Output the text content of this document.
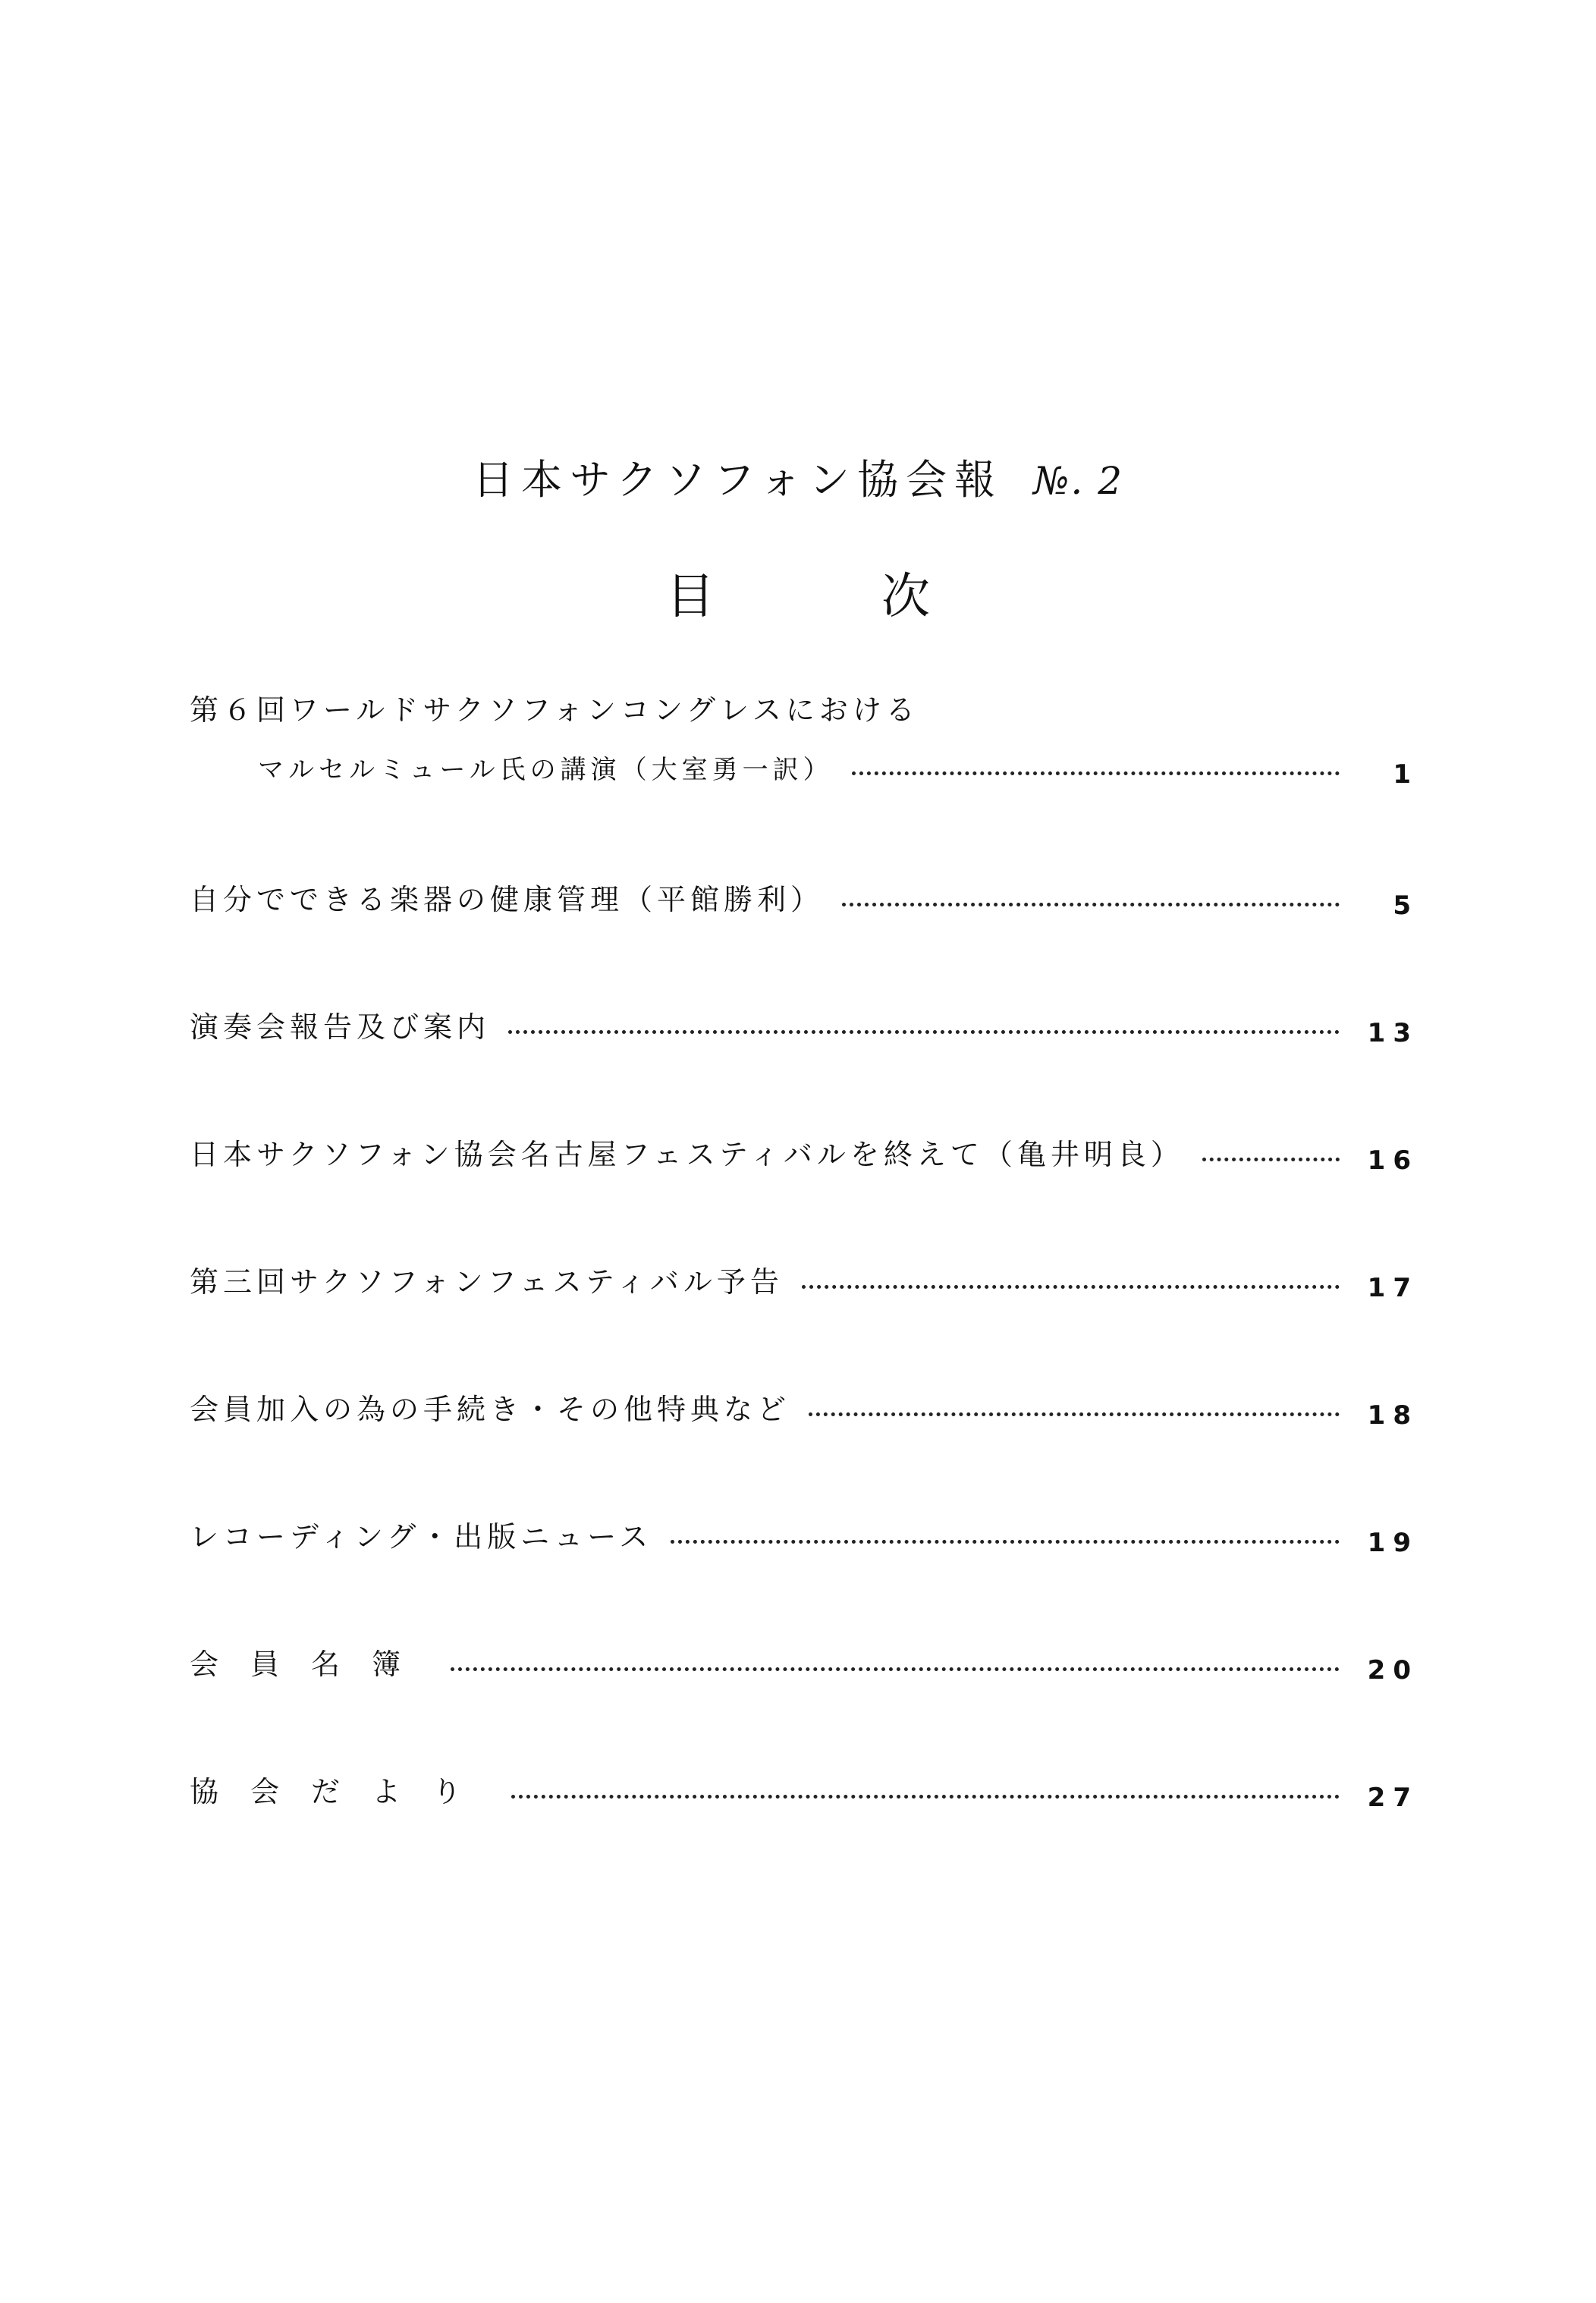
日本サクソフォン協会報 №. 2
目	次
第６回ワールドサクソフォンコングレスにおける
マルセルミュール氏の講演（大室勇一訳）	1
自分でできる楽器の健康管理（平館勝利）	5
演奏会報告及び案内	13
日本サクソフォン協会名古屋フェスティバルを終えて（亀井明良）	16
第三回サクソフォンフェスティバル予告	17
会員加入の為の手続き・その他特典など	18
レコーディング・出版ニュース	19
会員名簿	20
協会だより	27
